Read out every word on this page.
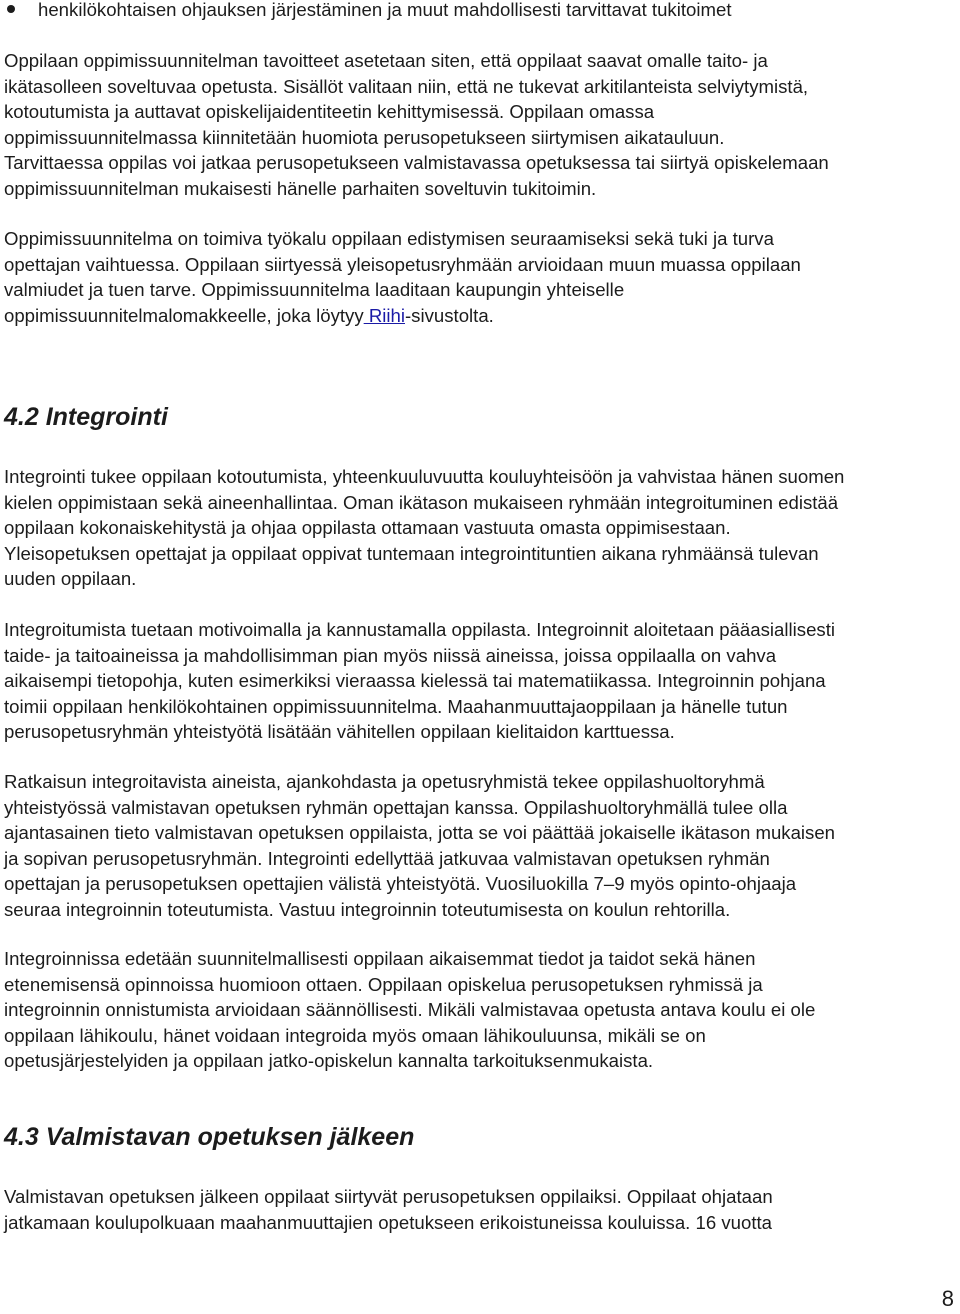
henkilökohtaisen ohjauksen järjestäminen ja muut mahdollisesti tarvittavat tukitoimet

Oppilaan oppimissuunnitelman tavoitteet asetetaan siten, että oppilaat saavat omalle taito- ja

ikätasolleen soveltuvaa opetusta. Sisällöt valitaan niin, että ne tukevat arkitilanteista selviytymistä,

kotoutumista ja auttavat opiskelijaidentiteetin kehittymisessä. Oppilaan omassa

oppimissuunnitelmassa kiinnitetään huomiota perusopetukseen siirtymisen aikatauluun.

Tarvittaessa oppilas voi jatkaa perusopetukseen valmistavassa opetuksessa tai siirtyä opiskelemaan

oppimissuunnitelman mukaisesti hänelle parhaiten soveltuvin tukitoimin.

Oppimissuunnitelma on toimiva työkalu oppilaan edistymisen seuraamiseksi sekä tuki ja turva

opettajan vaihtuessa. Oppilaan siirtyessä yleisopetusryhmään arvioidaan muun muassa oppilaan

valmiudet ja tuen tarve. Oppimissuunnitelma laaditaan kaupungin yhteiselle

oppimissuunnitelmalomakkeelle, joka löytyy Riihi-sivustolta.

4.2 Integrointi

Integrointi tukee oppilaan kotoutumista, yhteenkuuluvuutta kouluyhteisöön ja vahvistaa hänen suomen

kielen oppimistaan sekä aineenhallintaa. Oman ikätason mukaiseen ryhmään integroituminen edistää

oppilaan kokonaiskehitystä ja ohjaa oppilasta ottamaan vastuuta omasta oppimisestaan.

Yleisopetuksen opettajat ja oppilaat oppivat tuntemaan integrointituntien aikana ryhmäänsä tulevan

uuden oppilaan.

Integroitumista tuetaan motivoimalla ja kannustamalla oppilasta. Integroinnit aloitetaan pääasiallisesti

taide- ja taitoaineissa ja mahdollisimman pian myös niissä aineissa, joissa oppilaalla on vahva

aikaisempi tietopohja, kuten esimerkiksi vieraassa kielessä tai matematiikassa. Integroinnin pohjana

toimii oppilaan henkilökohtainen oppimissuunnitelma. Maahanmuuttajaoppilaan ja hänelle tutun

perusopetusryhmän yhteistyötä lisätään vähitellen oppilaan kielitaidon karttuessa.

Ratkaisun integroitavista aineista, ajankohdasta ja opetusryhmistä tekee oppilashuoltoryhmä

yhteistyössä valmistavan opetuksen ryhmän opettajan kanssa. Oppilashuoltoryhmällä tulee olla

ajantasainen tieto valmistavan opetuksen oppilaista, jotta se voi päättää jokaiselle ikätason mukaisen

ja sopivan perusopetusryhmän. Integrointi edellyttää jatkuvaa valmistavan opetuksen ryhmän

opettajan ja perusopetuksen opettajien välistä yhteistyötä. Vuosiluokilla 7–9 myös opinto-ohjaaja

seuraa integroinnin toteutumista. Vastuu integroinnin toteutumisesta on koulun rehtorilla.

Integroinnissa edetään suunnitelmallisesti oppilaan aikaisemmat tiedot ja taidot sekä hänen

etenemisensä opinnoissa huomioon ottaen. Oppilaan opiskelua perusopetuksen ryhmissä ja

integroinnin onnistumista arvioidaan säännöllisesti. Mikäli valmistavaa opetusta antava koulu ei ole

oppilaan lähikoulu, hänet voidaan integroida myös omaan lähikouluunsa, mikäli se on

opetusjärjestelyiden ja oppilaan jatko-opiskelun kannalta tarkoituksenmukaista.

4.3 Valmistavan opetuksen jälkeen

Valmistavan opetuksen jälkeen oppilaat siirtyvät perusopetuksen oppilaiksi. Oppilaat ohjataan

jatkamaan koulupolkuaan maahanmuuttajien opetukseen erikoistuneissa kouluissa. 16 vuotta

8
